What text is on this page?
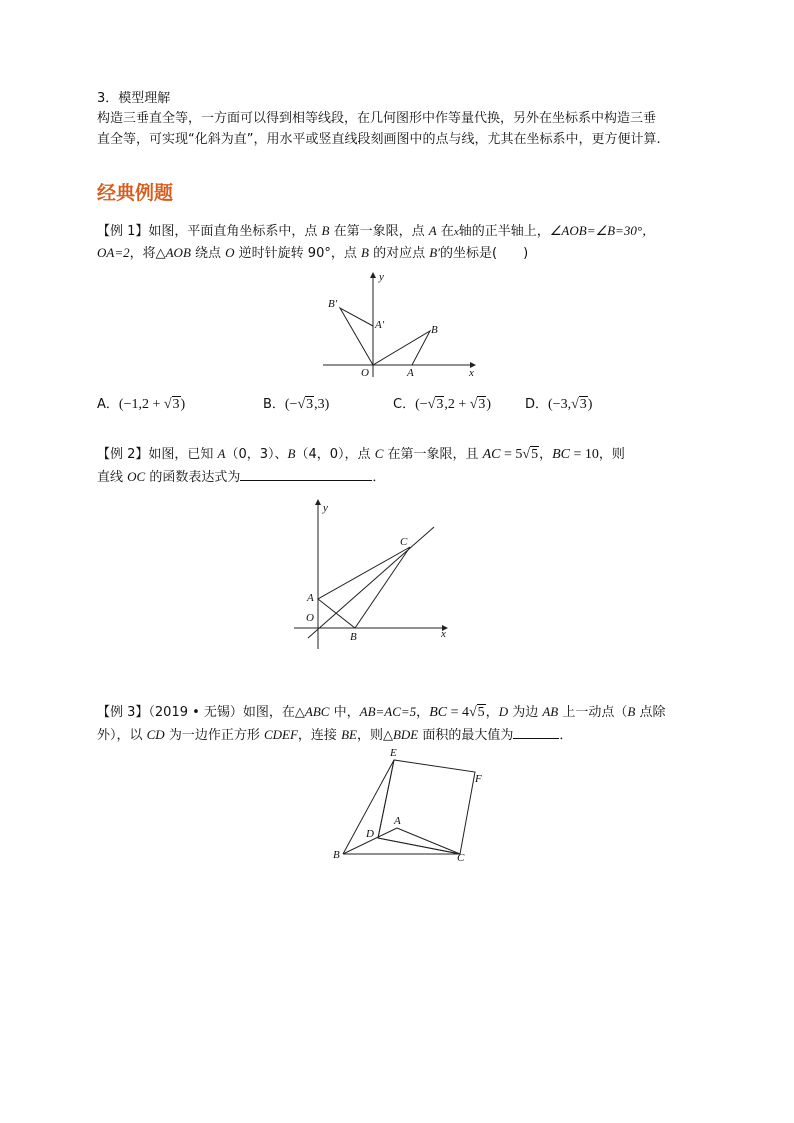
3．模型理解
构造三垂直全等，一方面可以得到相等线段，在几何图形中作等量代换，另外在坐标系中构造三垂
直全等，可实现“化斜为直”，用水平或竖直线段刻画图中的点与线，尤其在坐标系中，更方便计算.
经典例题
【例 1】如图，平面直角坐标系中，点 B 在第一象限，点 A 在x轴的正半轴上，∠AOB=∠B=30°，
OA=2，将△AOB 绕点 O 逆时针旋转 90°，点 B 的对应点 B′的坐标是(　　)
y
x
O	A
B
A′
B′
A．(−1,2 + √3)	B．(−√3,3)	C．(−√3,2 + √3)	D．(−3,√3)
【例 2】如图，已知 A（0，3）、B（4，0），点 C 在第一象限，且 AC = 5√5，BC = 10，则
直线 OC 的函数表达式为	．
y
x
O
A
B
C
【例 3】（2019 • 无锡）如图，在△ABC 中，AB=AC=5，BC = 4√5，D 为边 AB 上一动点（B 点除
外），以 CD 为一边作正方形 CDEF，连接 BE，则△BDE 面积的最大值为	．
E
F
A
D
B	C
